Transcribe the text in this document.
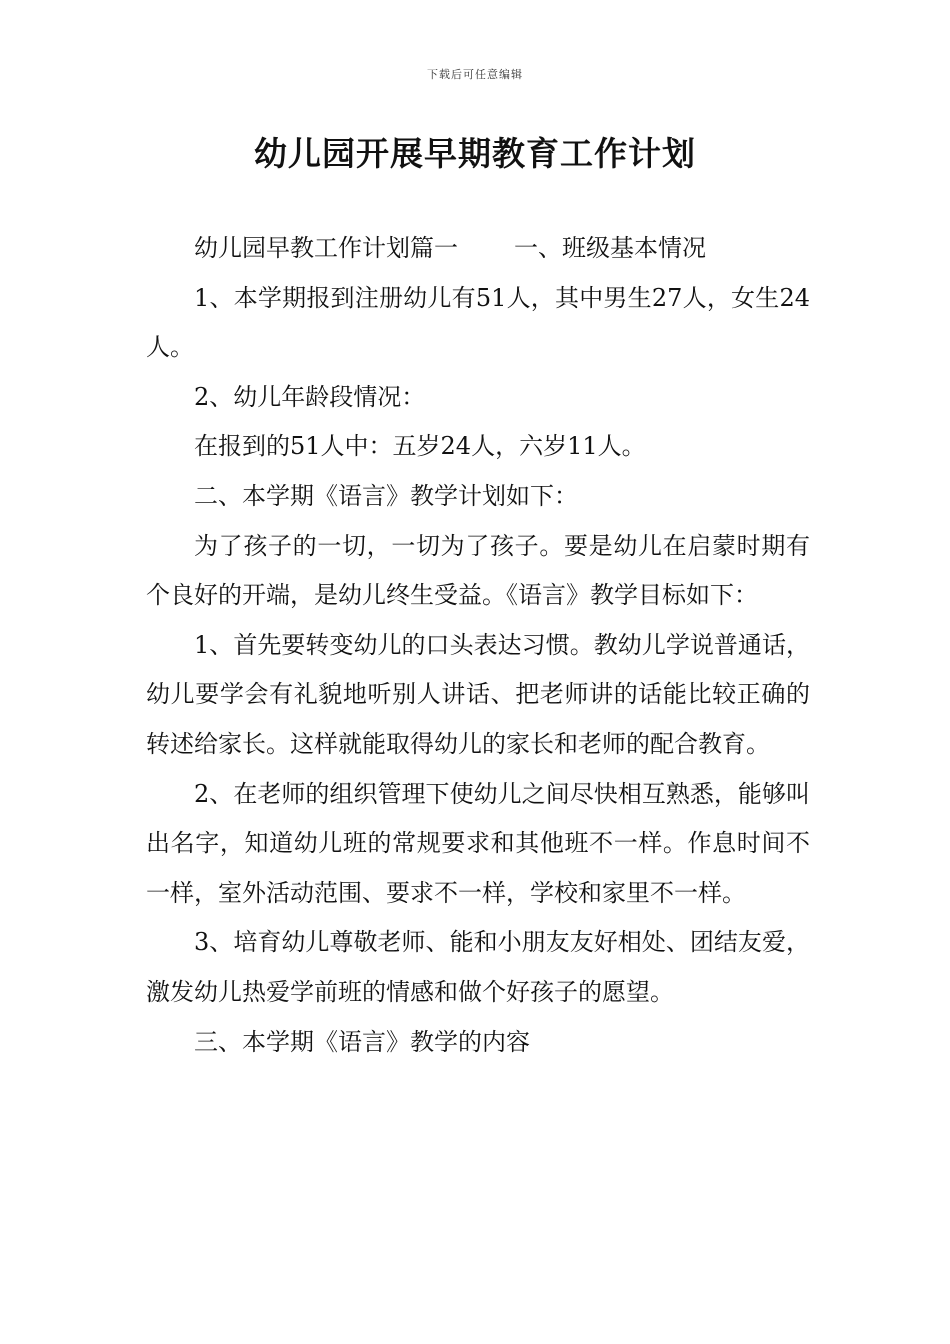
下载后可任意编辑
幼儿园开展早期教育工作计划

幼儿园早教工作计划篇一 一、班级基本情况

1、本学期报到注册幼儿有51人，其中男生27人，女生24人。

2、幼儿年龄段情况：

在报到的51人中：五岁24人，六岁11人。

二、本学期《语言》教学计划如下：

为了孩子的一切，一切为了孩子。要是幼儿在启蒙时期有个良好的开端，是幼儿终生受益。《语言》教学目标如下：

1、首先要转变幼儿的口头表达习惯。教幼儿学说普通话，幼儿要学会有礼貌地听别人讲话、把老师讲的话能比较正确的转述给家长。这样就能取得幼儿的家长和老师的配合教育。

2、在老师的组织管理下使幼儿之间尽快相互熟悉，能够叫出名字，知道幼儿班的常规要求和其他班不一样。作息时间不一样，室外活动范围、要求不一样，学校和家里不一样。

3、培育幼儿尊敬老师、能和小朋友友好相处、团结友爱，激发幼儿热爱学前班的情感和做个好孩子的愿望。

三、本学期《语言》教学的内容
